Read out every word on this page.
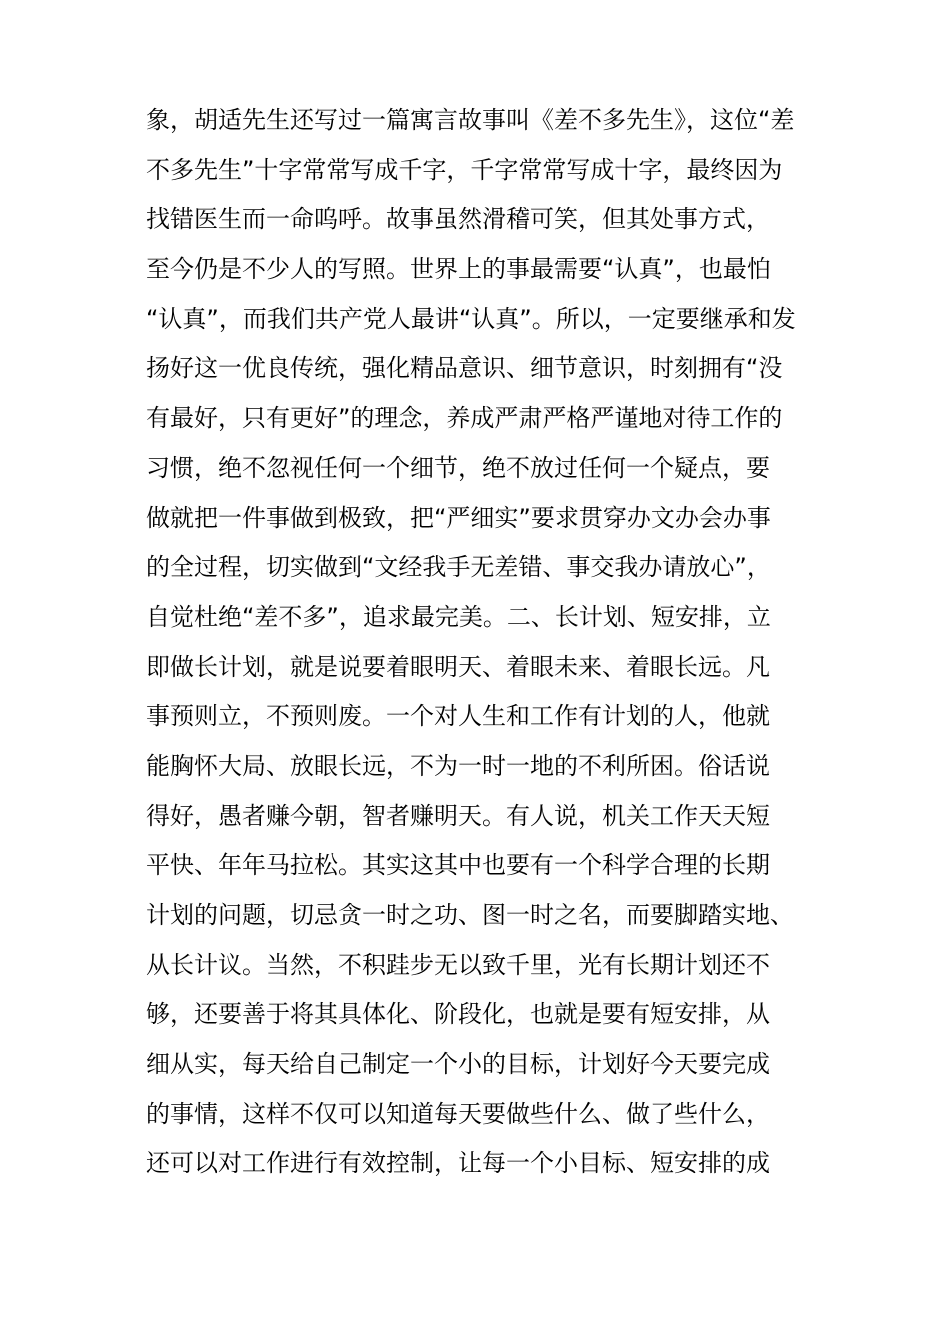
象，胡适先生还写过一篇寓言故事叫《差不多先生》，这位“差
不多先生”十字常常写成千字，千字常常写成十字，最终因为
找错医生而一命呜呼。故事虽然滑稽可笑，但其处事方式，
至今仍是不少人的写照。世界上的事最需要“认真”，也最怕
“认真”，而我们共产党人最讲“认真”。所以，一定要继承和发
扬好这一优良传统，强化精品意识、细节意识，时刻拥有“没
有最好，只有更好”的理念，养成严肃严格严谨地对待工作的
习惯，绝不忽视任何一个细节，绝不放过任何一个疑点，要
做就把一件事做到极致，把“严细实”要求贯穿办文办会办事
的全过程，切实做到“文经我手无差错、事交我办请放心”，
自觉杜绝“差不多”，追求最完美。二、长计划、短安排，立
即做长计划，就是说要着眼明天、着眼未来、着眼长远。凡
事预则立，不预则废。一个对人生和工作有计划的人，他就
能胸怀大局、放眼长远，不为一时一地的不利所困。俗话说
得好，愚者赚今朝，智者赚明天。有人说，机关工作天天短
平快、年年马拉松。其实这其中也要有一个科学合理的长期
计划的问题，切忌贪一时之功、图一时之名，而要脚踏实地、
从长计议。当然，不积跬步无以致千里，光有长期计划还不
够，还要善于将其具体化、阶段化，也就是要有短安排，从
细从实，每天给自己制定一个小的目标，计划好今天要完成
的事情，这样不仅可以知道每天要做些什么、做了些什么，
还可以对工作进行有效控制，让每一个小目标、短安排的成
